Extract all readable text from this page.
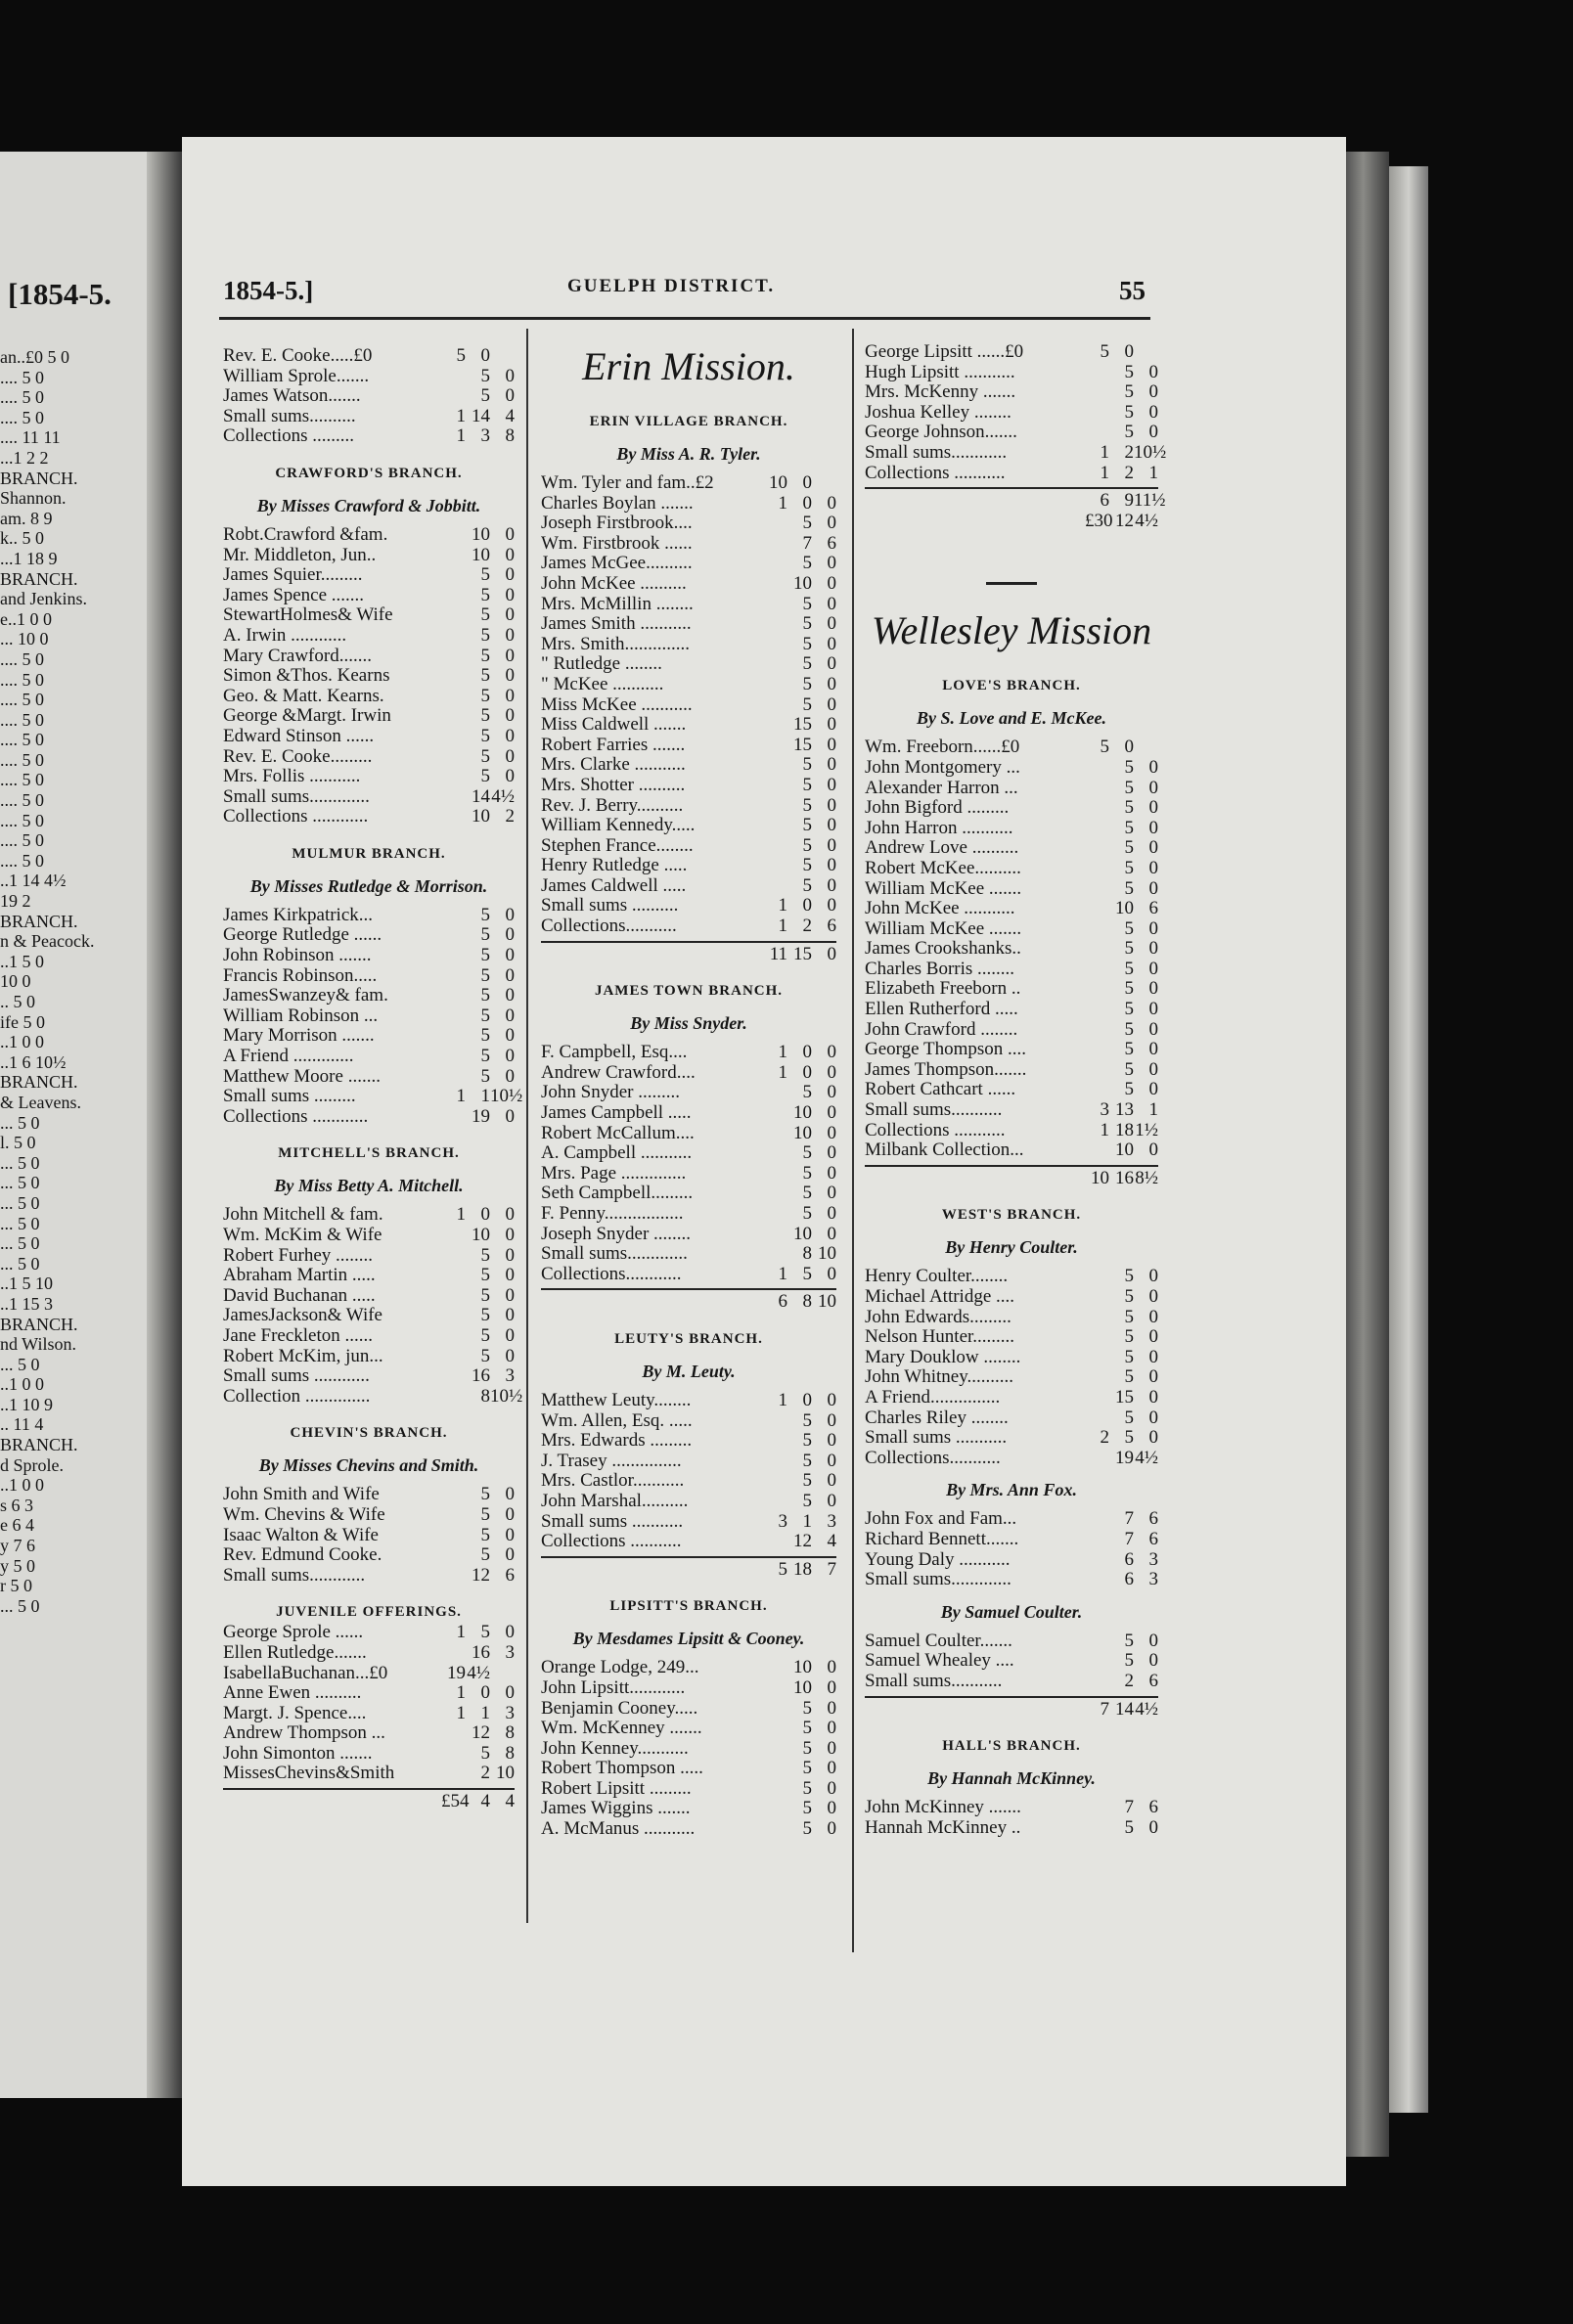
[1854-5.
an..£0 5 0
.... 5 0
.... 5 0
.... 5 0
.... 11 11
...1 2 2
BRANCH.
Shannon.
am. 8 9
k.. 5 0
...1 18 9
BRANCH.
and Jenkins.
e..1 0 0
... 10 0
.... 5 0
.... 5 0
.... 5 0
.... 5 0
.... 5 0
.... 5 0
.... 5 0
.... 5 0
.... 5 0
.... 5 0
.... 5 0
..1 14 4½
19 2
BRANCH.
n & Peacock.
..1 5 0
10 0
.. 5 0
ife 5 0
..1 0 0
..1 6 10½
BRANCH.
& Leavens.
... 5 0
l. 5 0
... 5 0
... 5 0
... 5 0
... 5 0
... 5 0
... 5 0
..1 5 10
..1 15 3
BRANCH.
nd Wilson.
... 5 0
..1 0 0
..1 10 9
.. 11 4
BRANCH.
d Sprole.
..1 0 0
s 6 3
e 6 4
y 7 6
y 5 0
r 5 0
... 5 0
1854-5.]	GUELPH DISTRICT.	55
Rev. E. Cooke.....£0	5 0
William Sprole.......	5 0
James Watson.......	5 0
Small sums..........	1 14 4
Collections .........	1 3 8
CRAWFORD'S BRANCH.
By Misses Crawford & Jobbitt.
Robt.Crawford &fam.	10 0
Mr. Middleton, Jun..	10 0
James Squier.........	5 0
James Spence .......	5 0
StewartHolmes& Wife	5 0
A. Irwin ............	5 0
Mary Crawford.......	5 0
Simon &Thos. Kearns	5 0
Geo. & Matt. Kearns.	5 0
George &Margt. Irwin	5 0
Edward Stinson ......	5 0
Rev. E. Cooke.........	5 0
Mrs. Follis ...........	5 0
Small sums.............	14 4½
Collections ............	10 2
MULMUR BRANCH.
By Misses Rutledge & Morrison.
James Kirkpatrick...	5 0
George Rutledge ......	5 0
John Robinson .......	5 0
Francis Robinson.....	5 0
JamesSwanzey& fam.	5 0
William Robinson ...	5 0
Mary Morrison .......	5 0
A Friend .............	5 0
Matthew Moore .......	5 0
Small sums .........	1 1 10½
Collections ............	19 0
MITCHELL'S BRANCH.
By Miss Betty A. Mitchell.
John Mitchell & fam.	1 0 0
Wm. McKim & Wife	10 0
Robert Furhey ........	5 0
Abraham Martin .....	5 0
David Buchanan .....	5 0
JamesJackson& Wife	5 0
Jane Freckleton ......	5 0
Robert McKim, jun...	5 0
Small sums ............	16 3
Collection ..............	8 10½
CHEVIN'S BRANCH.
By Misses Chevins and Smith.
John Smith and Wife	5 0
Wm. Chevins & Wife	5 0
Isaac Walton & Wife	5 0
Rev. Edmund Cooke.	5 0
Small sums............	12 6
JUVENILE OFFERINGS.
George Sprole ......	1 5 0
Ellen Rutledge.......	16 3
IsabellaBuchanan...£0	19 4½
Anne Ewen ..........	1 0 0
Margt. J. Spence....	1 1 3
Andrew Thompson ...	12 8
John Simonton .......	5 8
MissesChevins&Smith	2 10
£54 4 4
Erin Mission.
ERIN VILLAGE BRANCH.
By Miss A. R. Tyler.
Wm. Tyler and fam..£2	10 0
Charles Boylan .......	1 0 0
Joseph Firstbrook....	5 0
Wm. Firstbrook ......	7 6
James McGee..........	5 0
John McKee ..........	10 0
Mrs. McMillin ........	5 0
James Smith ...........	5 0
Mrs. Smith..............	5 0
" Rutledge ........	5 0
" McKee ...........	5 0
Miss McKee ...........	5 0
Miss Caldwell .......	15 0
Robert Farries .......	15 0
Mrs. Clarke ...........	5 0
Mrs. Shotter ..........	5 0
Rev. J. Berry..........	5 0
William Kennedy.....	5 0
Stephen France........	5 0
Henry Rutledge .....	5 0
James Caldwell .....	5 0
Small sums ..........	1 0 0
Collections...........	1 2 6
11 15 0
JAMES TOWN BRANCH.
By Miss Snyder.
F. Campbell, Esq....	1 0 0
Andrew Crawford....	1 0 0
John Snyder .........	5 0
James Campbell .....	10 0
Robert McCallum....	10 0
A. Campbell ...........	5 0
Mrs. Page ..............	5 0
Seth Campbell.........	5 0
F. Penny.................	5 0
Joseph Snyder ........	10 0
Small sums.............	8 10
Collections............	1 5 0
6 8 10
LEUTY'S BRANCH.
By M. Leuty.
Matthew Leuty........	1 0 0
Wm. Allen, Esq. .....	5 0
Mrs. Edwards .........	5 0
J. Trasey ...............	5 0
Mrs. Castlor...........	5 0
John Marshal..........	5 0
Small sums ...........	3 1 3
Collections ...........	12 4
5 18 7
LIPSITT'S BRANCH.
By Mesdames Lipsitt & Cooney.
Orange Lodge, 249...	10 0
John Lipsitt............	10 0
Benjamin Cooney.....	5 0
Wm. McKenney .......	5 0
John Kenney...........	5 0
Robert Thompson .....	5 0
Robert Lipsitt .........	5 0
James Wiggins .......	5 0
A. McManus ...........	5 0
George Lipsitt ......£0	5 0
Hugh Lipsitt ...........	5 0
Mrs. McKenny .......	5 0
Joshua Kelley ........	5 0
George Johnson.......	5 0
Small sums............	1 2 10½
Collections ...........	1 2 1
6 9 11½
£30 12 4½
Wellesley Mission
LOVE'S BRANCH.
By S. Love and E. McKee.
Wm. Freeborn......£0	5 0
John Montgomery ...	5 0
Alexander Harron ...	5 0
John Bigford .........	5 0
John Harron ...........	5 0
Andrew Love ..........	5 0
Robert McKee..........	5 0
William McKee .......	5 0
John McKee ...........	10 6
William McKee .......	5 0
James Crookshanks..	5 0
Charles Borris ........	5 0
Elizabeth Freeborn ..	5 0
Ellen Rutherford .....	5 0
John Crawford ........	5 0
George Thompson ....	5 0
James Thompson.......	5 0
Robert Cathcart ......	5 0
Small sums...........	3 13 1
Collections ...........	1 18 1½
Milbank Collection...	10 0
10 16 8½
WEST'S BRANCH.
By Henry Coulter.
Henry Coulter........	5 0
Michael Attridge ....	5 0
John Edwards.........	5 0
Nelson Hunter.........	5 0
Mary Douklow ........	5 0
John Whitney..........	5 0
A Friend...............	15 0
Charles Riley ........	5 0
Small sums ...........	2 5 0
Collections...........	19 4½
By Mrs. Ann Fox.
John Fox and Fam...	7 6
Richard Bennett.......	7 6
Young Daly ...........	6 3
Small sums.............	6 3
By Samuel Coulter.
Samuel Coulter.......	5 0
Samuel Whealey ....	5 0
Small sums...........	2 6
7 14 4½
HALL'S BRANCH.
By Hannah McKinney.
John McKinney .......	7 6
Hannah McKinney ..	5 0
